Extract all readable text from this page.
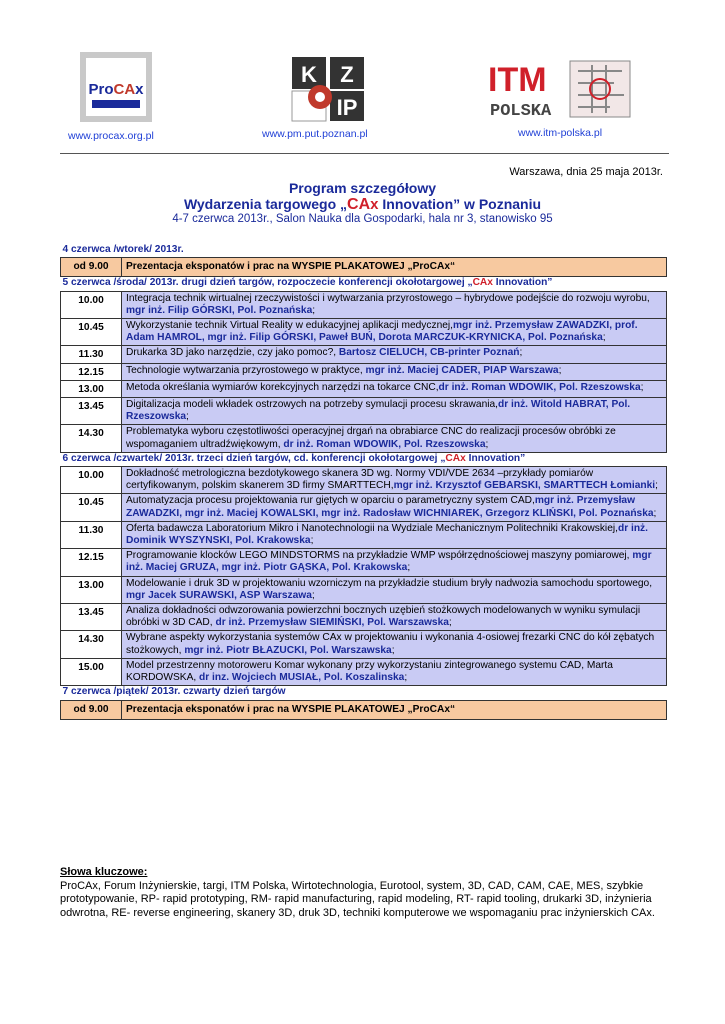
ProCAx
www.procax.org.pl
K Z
IP
www.pm.put.poznan.pl
ITM
POLSKA
www.itm-polska.pl
Warszawa, dnia 25 maja 2013r.
Program szczegółowy
Wydarzenia targowego „CAx Innovation” w Poznaniu
4-7 czerwca 2013r., Salon Nauka dla Gospodarki, hala nr 3, stanowisko 95
4 czerwca /wtorek/ 2013r.	
od 9.00	Prezentacja eksponatów i prac na WYSPIE PLAKATOWEJ „ProCAx“
5 czerwca /środa/ 2013r. drugi dzień targów, rozpoczecie konferencji okołotargowej „CAx Innovation”	
10.00	Integracja technik wirtualnej rzeczywistości i wytwarzania przyrostowego – hybrydowe podejście do rozwoju wyrobu, mgr inż. Filip GÓRSKI, Pol. Poznańska;
10.45	Wykorzystanie technik Virtual Reality w edukacyjnej aplikacji medycznej,mgr inż. Przemysław ZAWADZKI, prof. Adam HAMROL, mgr inż. Filip GÓRSKI, Paweł BUŃ, Dorota MARCZUK-KRYNICKA, Pol. Poznańska;
11.30	Drukarka 3D jako narzędzie, czy jako pomoc?, Bartosz CIELUCH, CB-printer Poznań;
12.15	Technologie wytwarzania przyrostowego w praktyce, mgr inż. Maciej CADER, PIAP Warszawa;
13.00	Metoda określania wymiarów korekcyjnych narzędzi na tokarce CNC,dr inż. Roman WDOWIK, Pol. Rzeszowska;
13.45	Digitalizacja modeli wkładek ostrzowych na potrzeby symulacji procesu skrawania,dr inż. Witold HABRAT, Pol. Rzeszowska;
14.30	Problematyka wyboru częstotliwości operacyjnej drgań na obrabiarce CNC do realizacji procesów obróbki ze wspomaganiem ultradźwiękowym, dr inż. Roman WDOWIK, Pol. Rzeszowska;
6 czerwca /czwartek/ 2013r. trzeci dzień targów, cd. konferencji okołotargowej „CAx Innovation”	
10.00	Dokładność metrologiczna bezdotykowego skanera 3D wg. Normy VDI/VDE 2634 –przykłady pomiarów certyfikowanym, polskim skanerem 3D firmy SMARTTECH,mgr inż. Krzysztof GEBARSKI, SMARTTECH Łomianki;
10.45	Automatyzacja procesu projektowania rur giętych w oparciu o parametryczny system CAD,mgr inż. Przemysław ZAWADZKI, mgr inż. Maciej KOWALSKI, mgr inż. Radosław WICHNIAREK, Grzegorz KLIŃSKI, Pol. Poznańska;
11.30	Oferta badawcza Laboratorium Mikro i Nanotechnologii na Wydziale Mechanicznym Politechniki Krakowskiej,dr inż. Dominik WYSZYNSKI, Pol. Krakowska;
12.15	Programowanie klocków LEGO MINDSTORMS na przykładzie WMP współrzędnościowej maszyny pomiarowej, mgr inż. Maciej GRUZA, mgr inż. Piotr GĄSKA, Pol. Krakowska;
13.00	Modelowanie i druk 3D w projektowaniu wzorniczym na przykładzie studium bryły nadwozia samochodu sportowego, mgr Jacek SURAWSKI, ASP Warszawa;
13.45	Analiza dokładności odwzorowania powierzchni bocznych uzębień stożkowych modelowanych w wyniku symulacji obróbki w 3D CAD, dr inż. Przemysław SIEMIŃSKI, Pol. Warszawska;
14.30	Wybrane aspekty wykorzystania systemów CAx w projektowaniu i wykonania 4-osiowej frezarki CNC do kół zębatych stożkowych, mgr inż. Piotr BŁAZUCKI, Pol. Warszawska;
15.00	Model przestrzenny motoroweru Komar wykonany przy wykorzystaniu zintegrowanego systemu CAD, Marta KORDOWSKA, dr inz. Wojciech MUSIAŁ, Pol. Koszalinska;
7 czerwca /piątek/ 2013r. czwarty dzień targów	
od 9.00	Prezentacja eksponatów i prac na WYSPIE PLAKATOWEJ „ProCAx“
Słowa kluczowe:
ProCAx, Forum Inżynierskie, targi, ITM Polska, Wirtotechnologia, Eurotool, system, 3D, CAD, CAM, CAE, MES, szybkie prototypowanie, RP- rapid prototyping, RM- rapid manufacturing, rapid modeling, RT- rapid tooling, drukarki 3D, inżynieria odwrotna, RE- reverse engineering, skanery 3D, druk 3D, techniki komputerowe we wspomaganiu prac inżynierskich CAx.
